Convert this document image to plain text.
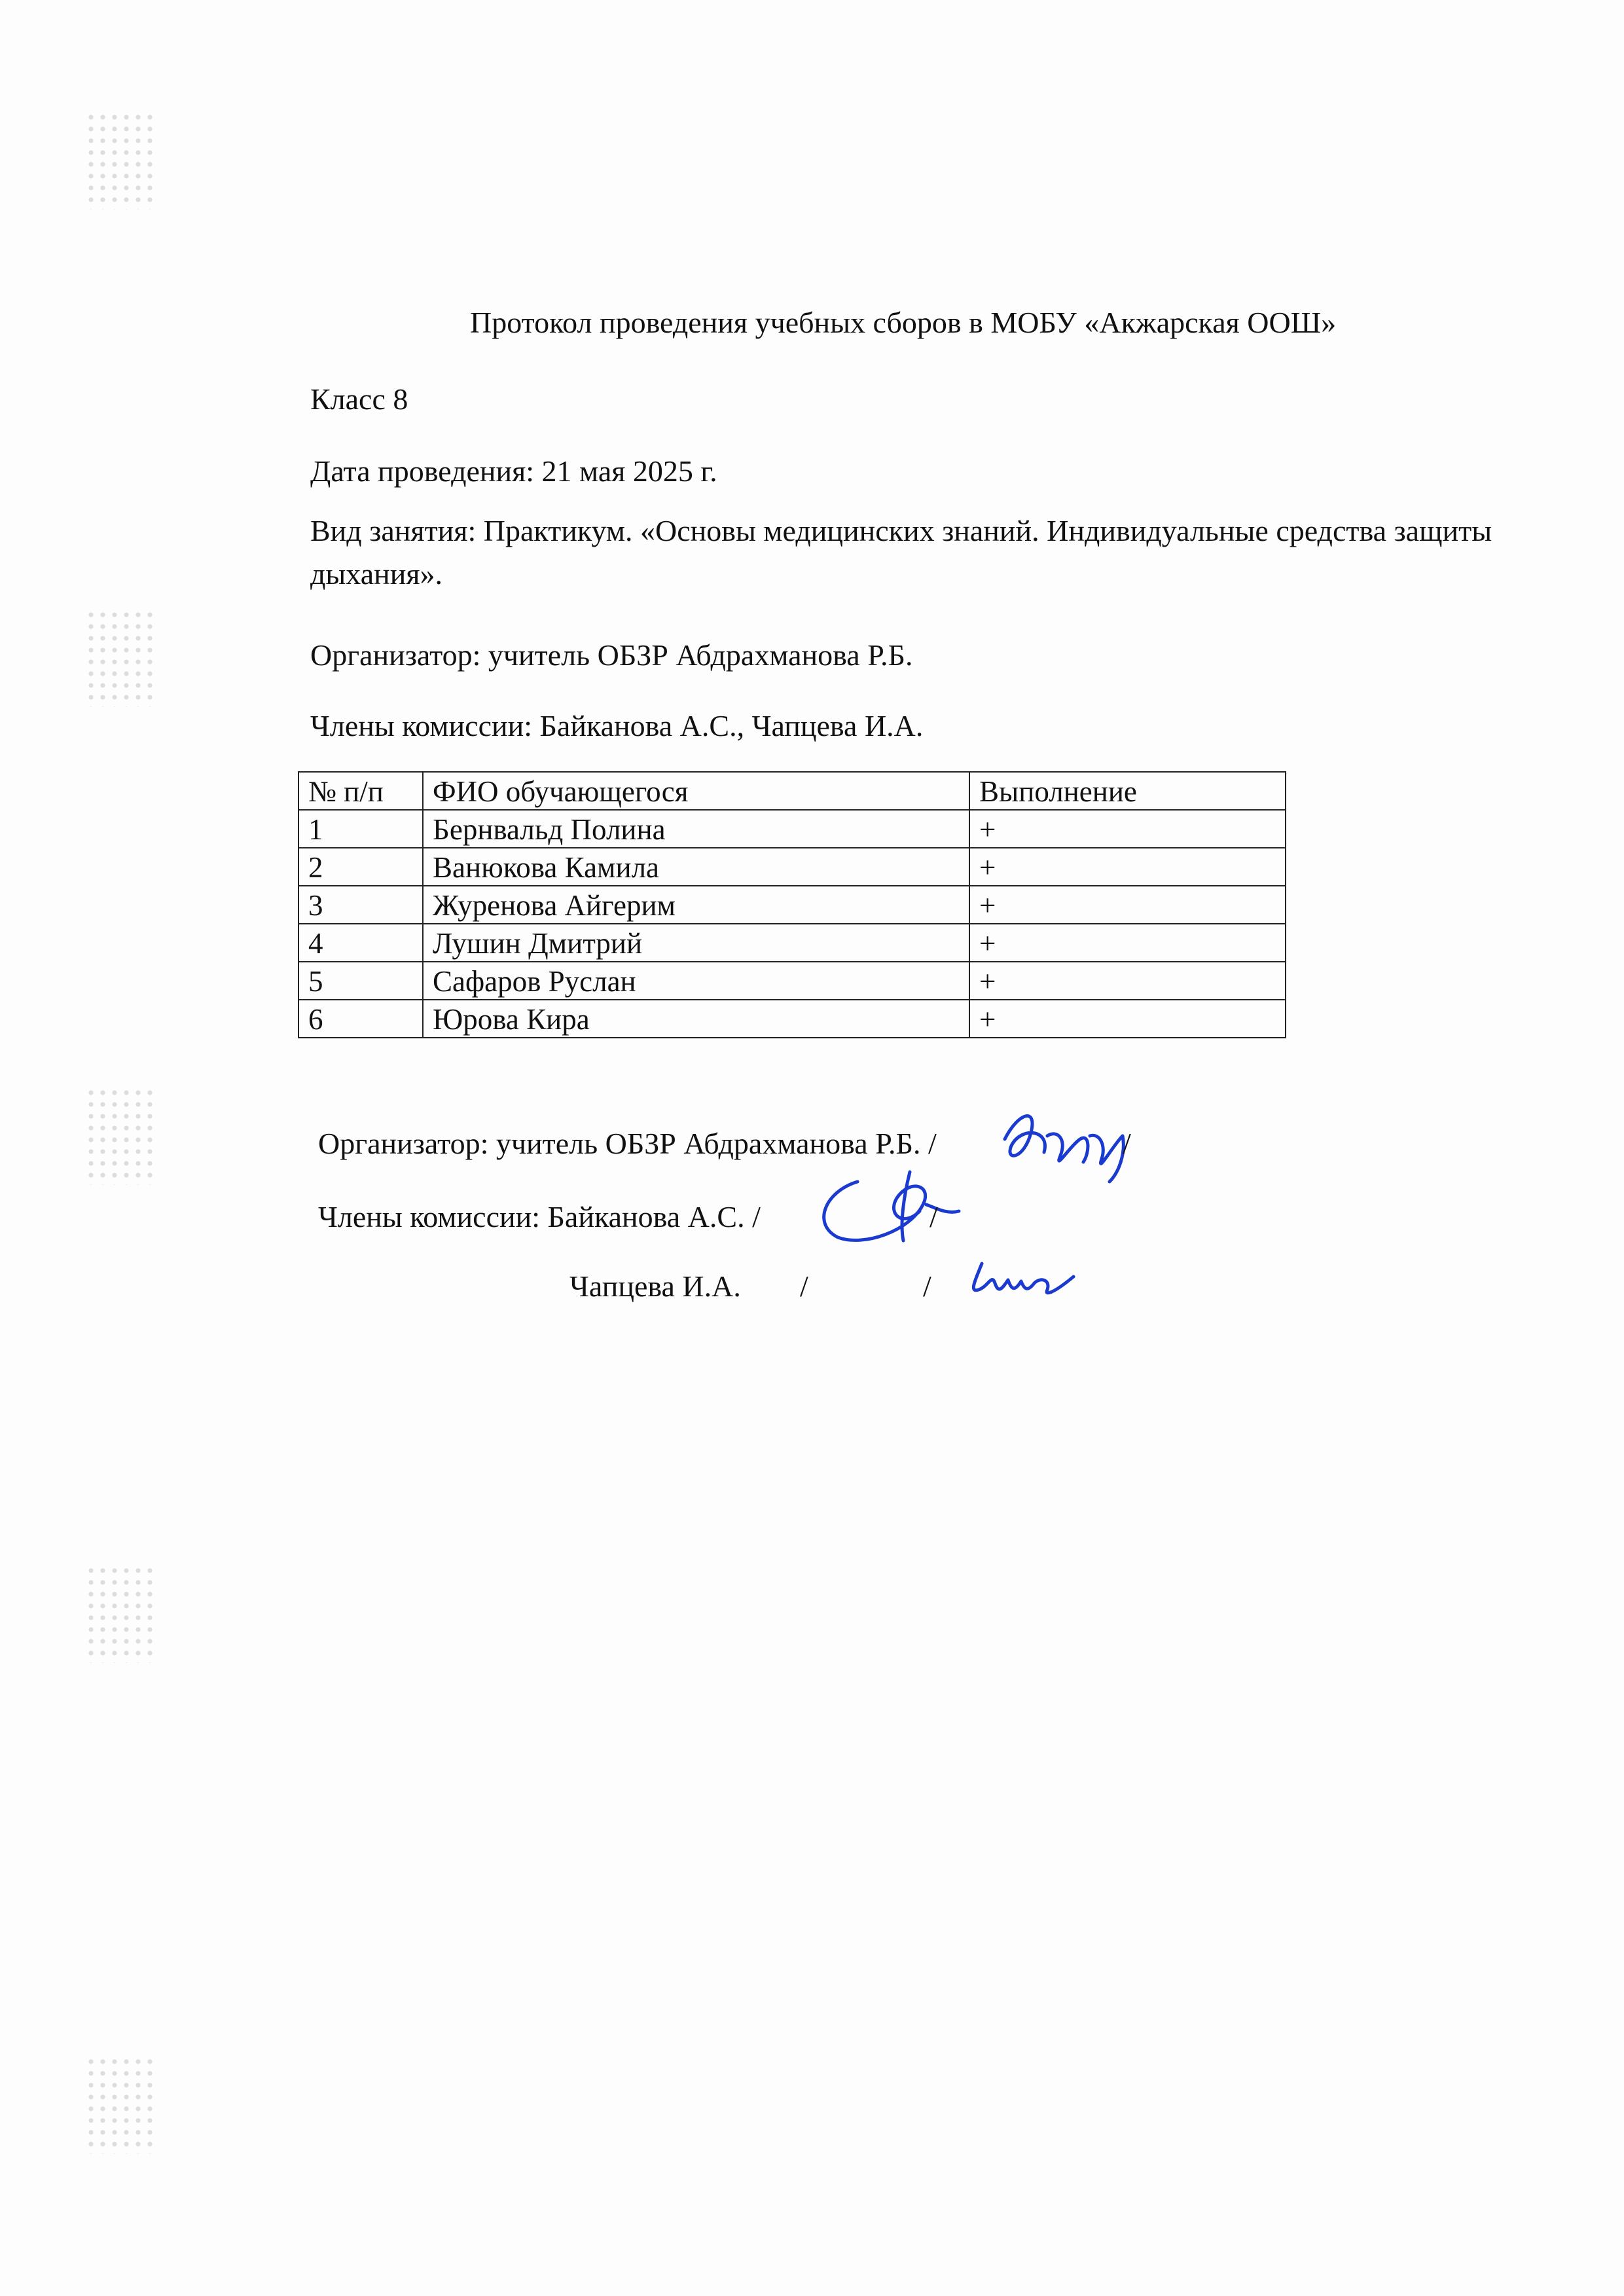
Протокол проведения учебных сборов в МОБУ «Акжарская ООШ»
Класс 8
Дата проведения: 21 мая 2025 г.
Вид занятия: Практикум. «Основы медицинских знаний. Индивидуальные средства защиты дыхания».
Организатор: учитель ОБЗР Абдрахманова Р.Б.
Члены комиссии: Байканова А.С., Чапцева И.А.
№ п/п	ФИО обучающегося	Выполнение
1	Бернвальд Полина	+
2	Ванюкова Камила	+
3	Журенова Айгерим	+
4	Лушин Дмитрий	+
5	Сафаров Руслан	+
6	Юрова Кира	+
Организатор: учитель ОБЗР Абдрахманова Р.Б. /	/
Члены комиссии: Байканова А.С. /	/
Чапцева И.А. /	/
